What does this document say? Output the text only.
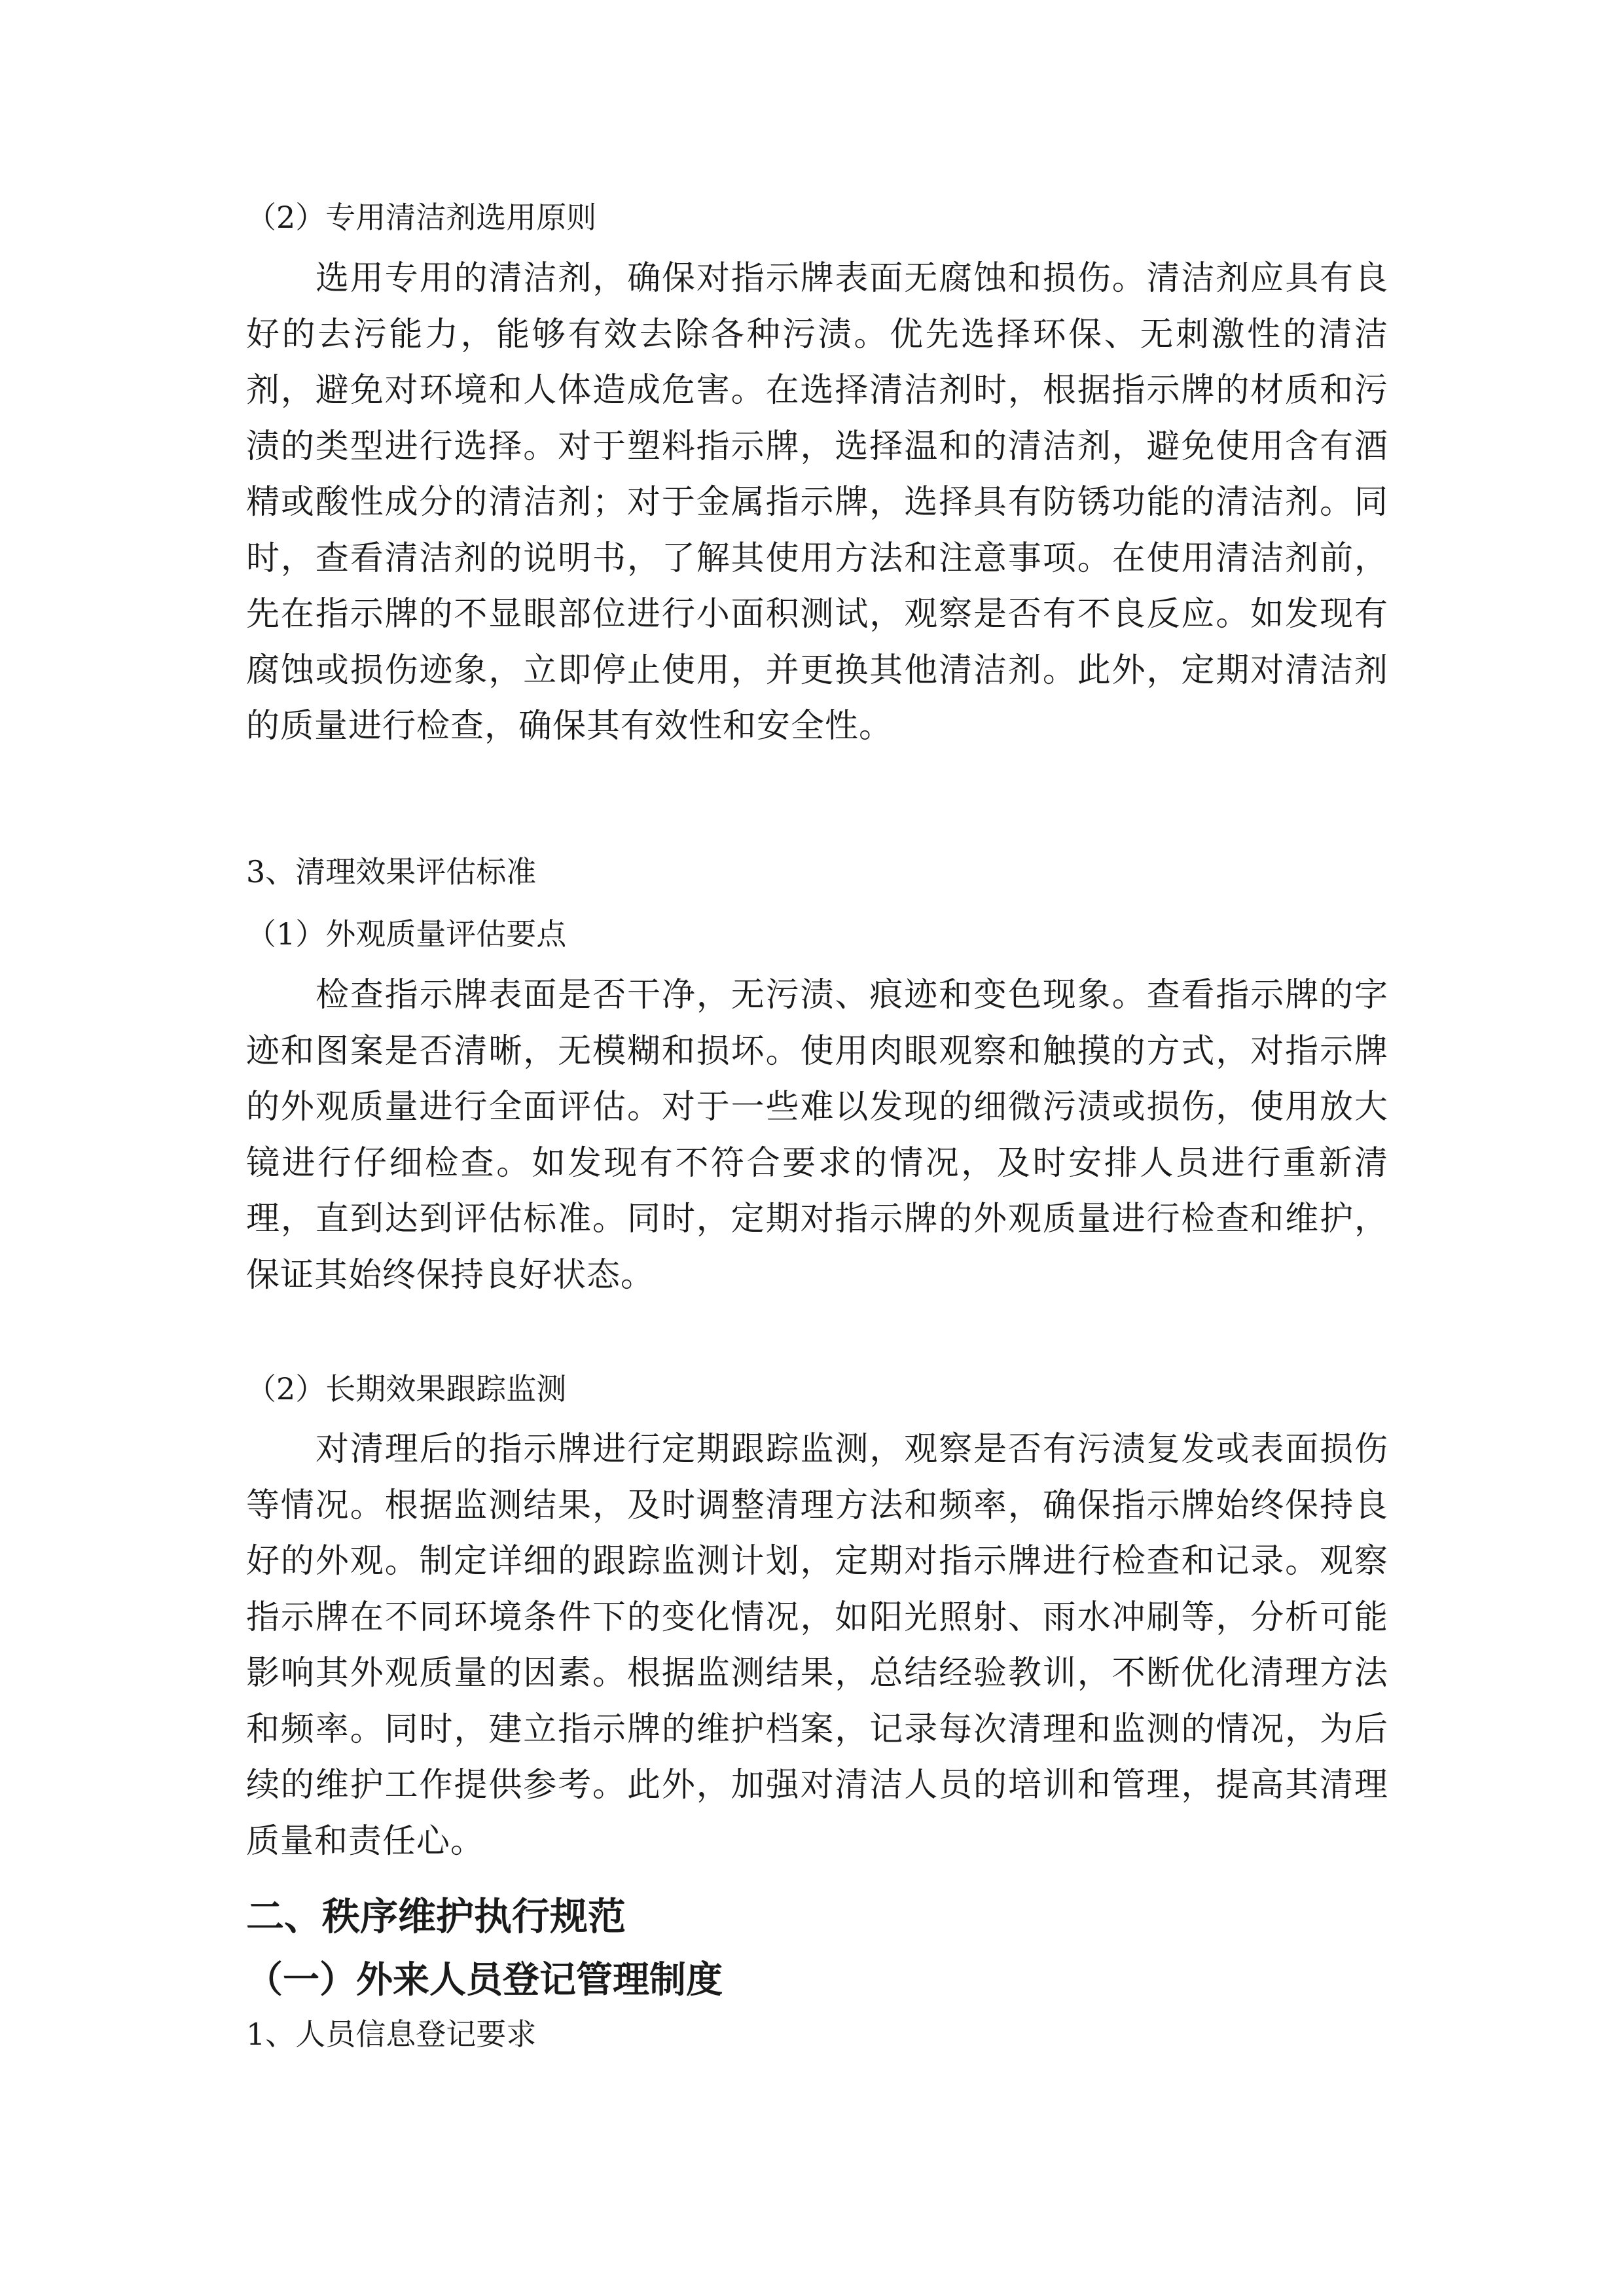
（2）专用清洁剂选用原则

选用专用的清洁剂，确保对指示牌表面无腐蚀和损伤。清洁剂应具有良好的去污能力，能够有效去除各种污渍。优先选择环保、无刺激性的清洁剂，避免对环境和人体造成危害。在选择清洁剂时，根据指示牌的材质和污渍的类型进行选择。对于塑料指示牌，选择温和的清洁剂，避免使用含有酒精或酸性成分的清洁剂；对于金属指示牌，选择具有防锈功能的清洁剂。同时，查看清洁剂的说明书，了解其使用方法和注意事项。在使用清洁剂前，先在指示牌的不显眼部位进行小面积测试，观察是否有不良反应。如发现有腐蚀或损伤迹象，立即停止使用，并更换其他清洁剂。此外，定期对清洁剂的质量进行检查，确保其有效性和安全性。

3、清理效果评估标准

（1）外观质量评估要点

检查指示牌表面是否干净，无污渍、痕迹和变色现象。查看指示牌的字迹和图案是否清晰，无模糊和损坏。使用肉眼观察和触摸的方式，对指示牌的外观质量进行全面评估。对于一些难以发现的细微污渍或损伤，使用放大镜进行仔细检查。如发现有不符合要求的情况，及时安排人员进行重新清理，直到达到评估标准。同时，定期对指示牌的外观质量进行检查和维护，保证其始终保持良好状态。

（2）长期效果跟踪监测

对清理后的指示牌进行定期跟踪监测，观察是否有污渍复发或表面损伤等情况。根据监测结果，及时调整清理方法和频率，确保指示牌始终保持良好的外观。制定详细的跟踪监测计划，定期对指示牌进行检查和记录。观察指示牌在不同环境条件下的变化情况，如阳光照射、雨水冲刷等，分析可能影响其外观质量的因素。根据监测结果，总结经验教训，不断优化清理方法和频率。同时，建立指示牌的维护档案，记录每次清理和监测的情况，为后续的维护工作提供参考。此外，加强对清洁人员的培训和管理，提高其清理质量和责任心。

二、秩序维护执行规范
（一）外来人员登记管理制度

1、人员信息登记要求
